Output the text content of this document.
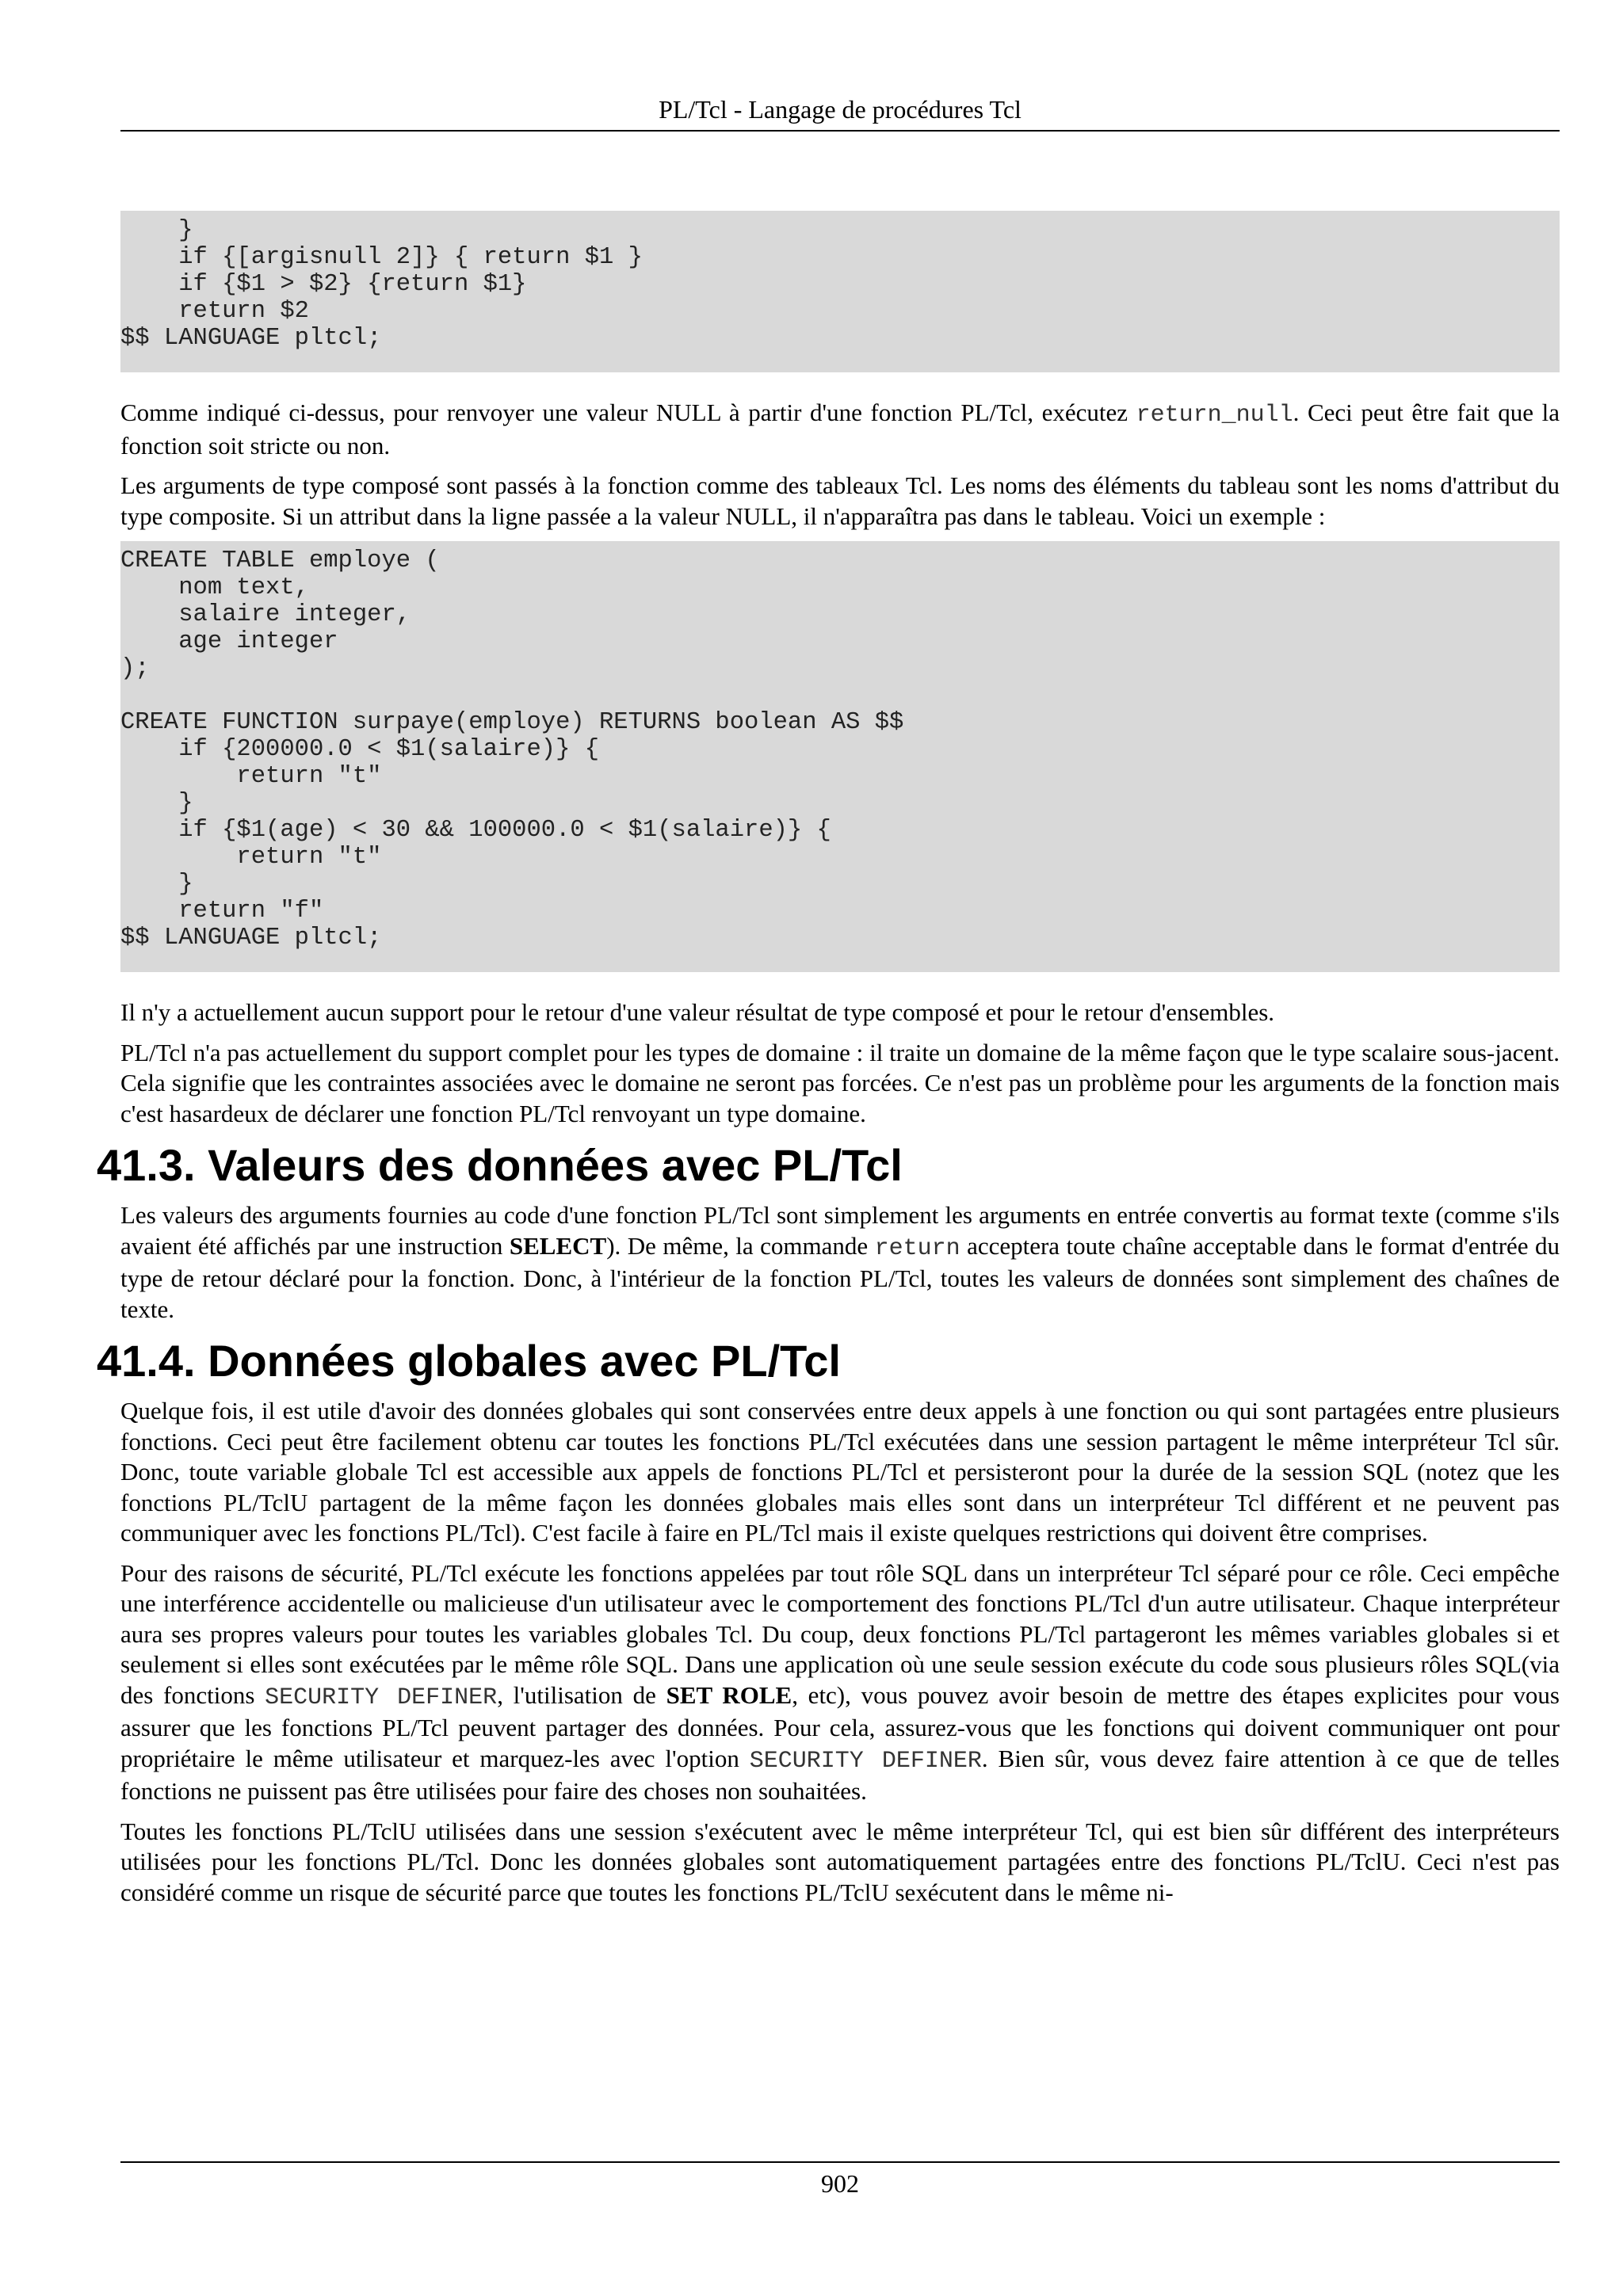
PL/Tcl - Langage de procédures Tcl
}
if {[argisnull 2]} { return $1 }
if {$1 > $2} {return $1}
return $2
$$ LANGUAGE pltcl;

Comme indiqué ci-dessus, pour renvoyer une valeur NULL à partir d'une fonction PL/Tcl, exécutez return_null. Ceci peut être fait que la fonction soit stricte ou non.

Les arguments de type composé sont passés à la fonction comme des tableaux Tcl. Les noms des éléments du tableau sont les noms d'attribut du type composite. Si un attribut dans la ligne passée a la valeur NULL, il n'apparaîtra pas dans le tableau. Voici un exemple :

CREATE TABLE employe (
nom text,
salaire integer,
age integer
);

CREATE FUNCTION surpaye(employe) RETURNS boolean AS $$
if {200000.0 < $1(salaire)} {
return "t"
}
if {$1(age) < 30 && 100000.0 < $1(salaire)} {
return "t"
}
return "f"
$$ LANGUAGE pltcl;

Il n'y a actuellement aucun support pour le retour d'une valeur résultat de type composé et pour le retour d'ensembles.

PL/Tcl n'a pas actuellement du support complet pour les types de domaine : il traite un domaine de la même façon que le type scalaire sous-jacent. Cela signifie que les contraintes associées avec le domaine ne seront pas forcées. Ce n'est pas un problème pour les arguments de la fonction mais c'est hasardeux de déclarer une fonction PL/Tcl renvoyant un type domaine.

41.3. Valeurs des données avec PL/Tcl

Les valeurs des arguments fournies au code d'une fonction PL/Tcl sont simplement les arguments en entrée convertis au format texte (comme s'ils avaient été affichés par une instruction SELECT). De même, la commande return acceptera toute chaîne acceptable dans le format d'entrée du type de retour déclaré pour la fonction. Donc, à l'intérieur de la fonction PL/Tcl, toutes les valeurs de données sont simplement des chaînes de texte.

41.4. Données globales avec PL/Tcl

Quelque fois, il est utile d'avoir des données globales qui sont conservées entre deux appels à une fonction ou qui sont partagées entre plusieurs fonctions. Ceci peut être facilement obtenu car toutes les fonctions PL/Tcl exécutées dans une session partagent le même interpréteur Tcl sûr. Donc, toute variable globale Tcl est accessible aux appels de fonctions PL/Tcl et persisteront pour la durée de la session SQL (notez que les fonctions PL/TclU partagent de la même façon les données globales mais elles sont dans un interpréteur Tcl différent et ne peuvent pas communiquer avec les fonctions PL/Tcl). C'est facile à faire en PL/Tcl mais il existe quelques restrictions qui doivent être comprises.

Pour des raisons de sécurité, PL/Tcl exécute les fonctions appelées par tout rôle SQL dans un interpréteur Tcl séparé pour ce rôle. Ceci empêche une interférence accidentelle ou malicieuse d'un utilisateur avec le comportement des fonctions PL/Tcl d'un autre utilisateur. Chaque interpréteur aura ses propres valeurs pour toutes les variables globales Tcl. Du coup, deux fonctions PL/Tcl partageront les mêmes variables globales si et seulement si elles sont exécutées par le même rôle SQL. Dans une application où une seule session exécute du code sous plusieurs rôles SQL(via des fonctions SECURITY DEFINER, l'utilisation de SET ROLE, etc), vous pouvez avoir besoin de mettre des étapes explicites pour vous assurer que les fonctions PL/Tcl peuvent partager des données. Pour cela, assurez-vous que les fonctions qui doivent communiquer ont pour propriétaire le même utilisateur et marquez-les avec l'option SECURITY DEFINER. Bien sûr, vous devez faire attention à ce que de telles fonctions ne puissent pas être utilisées pour faire des choses non souhaitées.

Toutes les fonctions PL/TclU utilisées dans une session s'exécutent avec le même interpréteur Tcl, qui est bien sûr différent des interpréteurs utilisées pour les fonctions PL/Tcl. Donc les données globales sont automatiquement partagées entre des fonctions PL/TclU. Ceci n'est pas considéré comme un risque de sécurité parce que toutes les fonctions PL/TclU sexécutent dans le même ni-

902
